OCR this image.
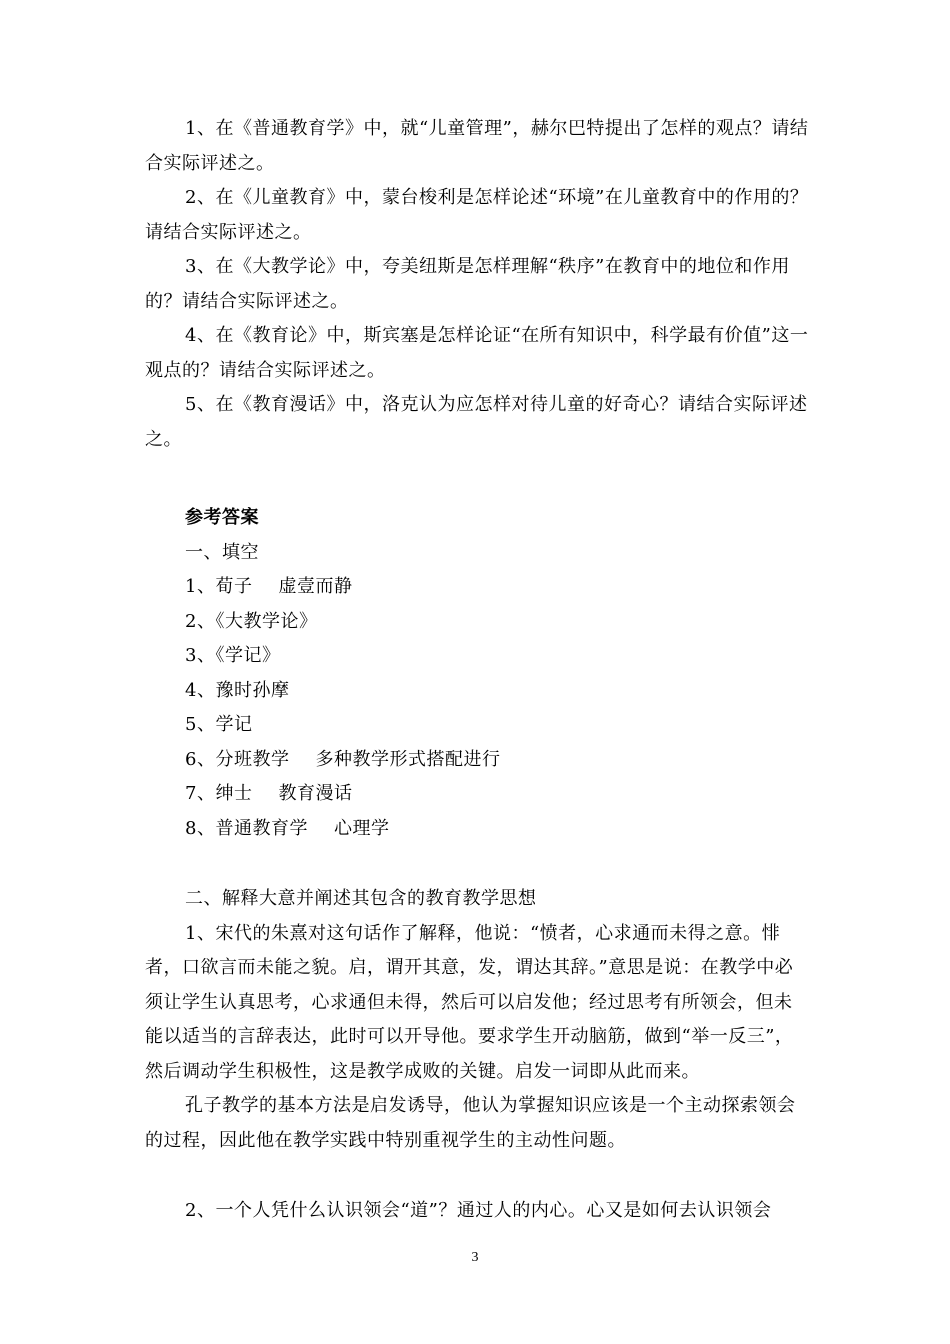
1、在《普通教育学》中，就“儿童管理”，赫尔巴特提出了怎样的观点？请结合实际评述之。

2、在《儿童教育》中，蒙台梭利是怎样论述“环境”在儿童教育中的作用的？请结合实际评述之。

3、在《大教学论》中，夸美纽斯是怎样理解“秩序”在教育中的地位和作用的？请结合实际评述之。

4、在《教育论》中，斯宾塞是怎样论证“在所有知识中，科学最有价值”这一观点的？请结合实际评述之。

5、在《教育漫话》中，洛克认为应怎样对待儿童的好奇心？请结合实际评述之。

参考答案

一、填空

1、荀子 虚壹而静

2、《大教学论》

3、《学记》

4、豫时孙摩

5、学记

6、分班教学 多种教学形式搭配进行

7、绅士 教育漫话

8、普通教育学 心理学

二、解释大意并阐述其包含的教育教学思想

1、宋代的朱熹对这句话作了解释，他说：“愤者，心求通而未得之意。悱者，口欲言而未能之貌。启，谓开其意，发，谓达其辞。”意思是说：在教学中必须让学生认真思考，心求通但未得，然后可以启发他；经过思考有所领会，但未能以适当的言辞表达，此时可以开导他。要求学生开动脑筋，做到“举一反三”，然后调动学生积极性，这是教学成败的关键。启发一词即从此而来。

孔子教学的基本方法是启发诱导，他认为掌握知识应该是一个主动探索领会的过程，因此他在教学实践中特别重视学生的主动性问题。

2、一个人凭什么认识领会“道”？通过人的内心。心又是如何去认识领会

3
